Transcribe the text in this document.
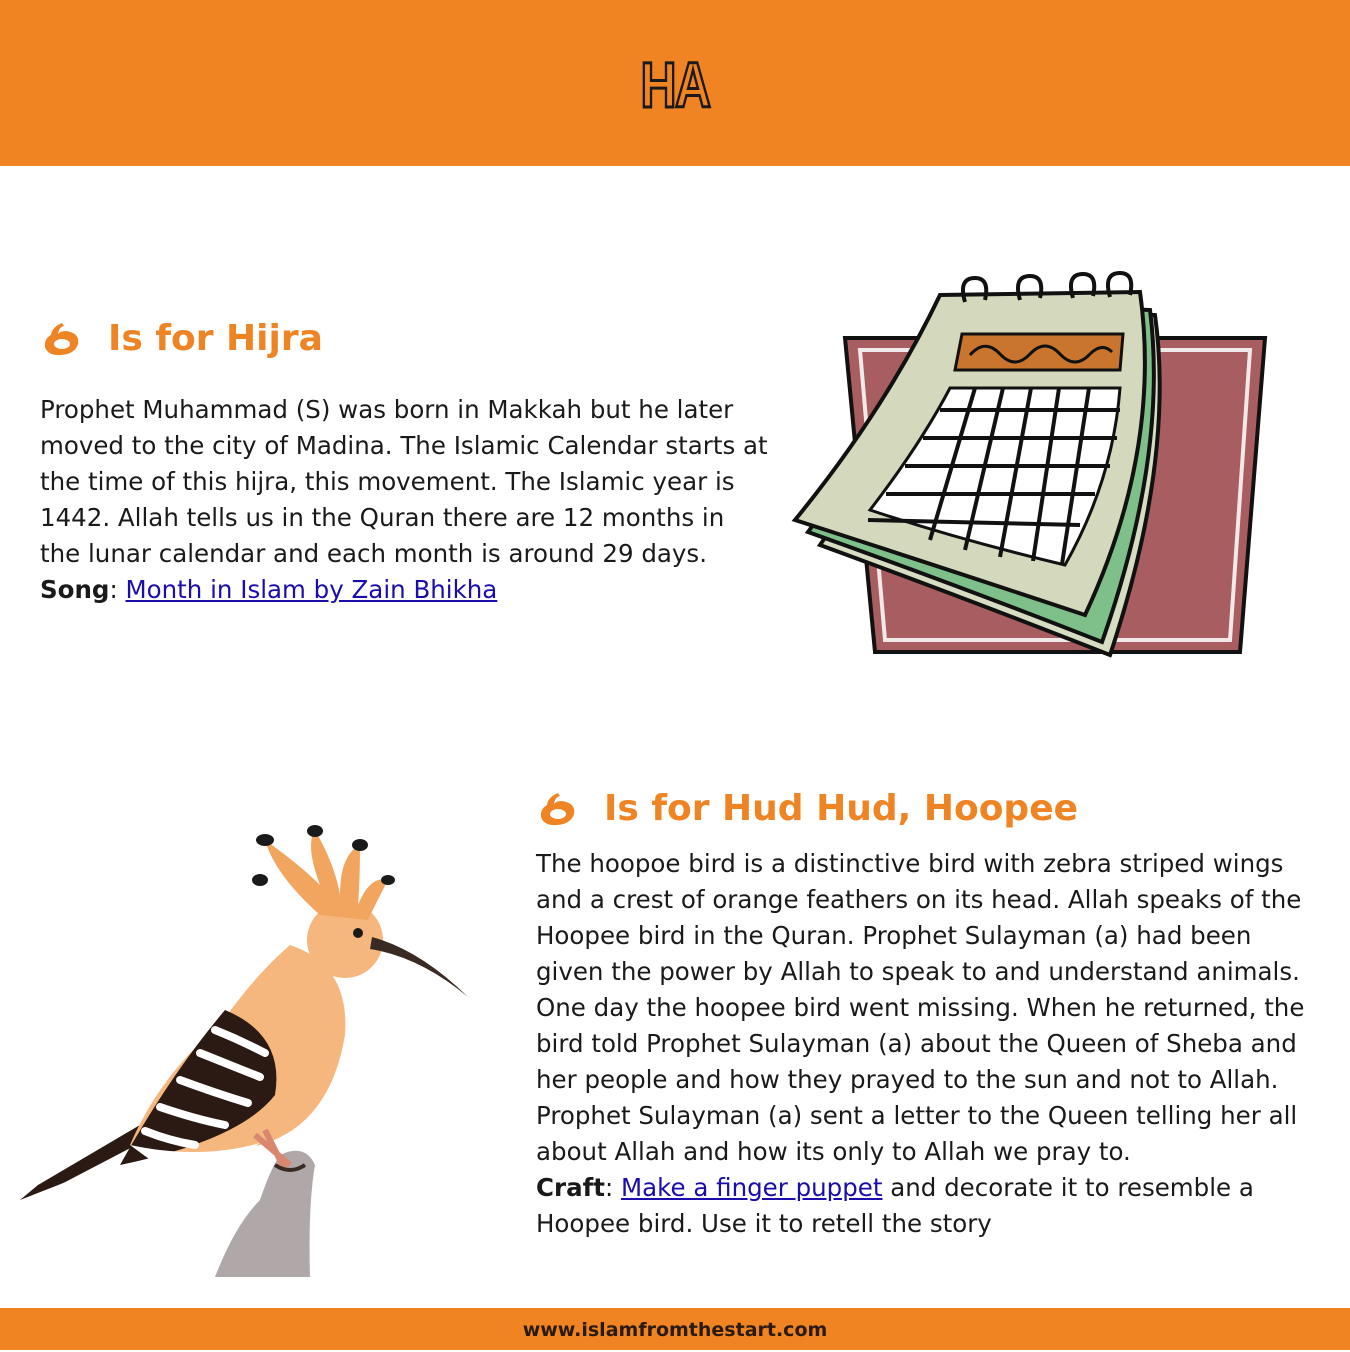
HA
Is for Hijra

Prophet Muhammad (S) was born in Makkah but he later moved to the city of Madina. The Islamic Calendar starts at the time of this hijra, this movement. The Islamic year is 1442. Allah tells us in the Quran there are 12 months in the lunar calendar and each month is around 29 days.
Song: Month in Islam by Zain Bhikha

Is for Hud Hud, Hoopee

The hoopoe bird is a distinctive bird with zebra striped wings and a crest of orange feathers on its head. Allah speaks of the Hoopee bird in the Quran. Prophet Sulayman (a) had been given the power by Allah to speak to and understand animals. One day the hoopee bird went missing. When he returned, the bird told Prophet Sulayman (a) about the Queen of Sheba and her people and how they prayed to the sun and not to Allah. Prophet Sulayman (a) sent a letter to the Queen telling her all about Allah and how its only to Allah we pray to.
Craft: Make a finger puppet and decorate it to resemble a Hoopee bird. Use it to retell the story

www.islamfromthestart.com
